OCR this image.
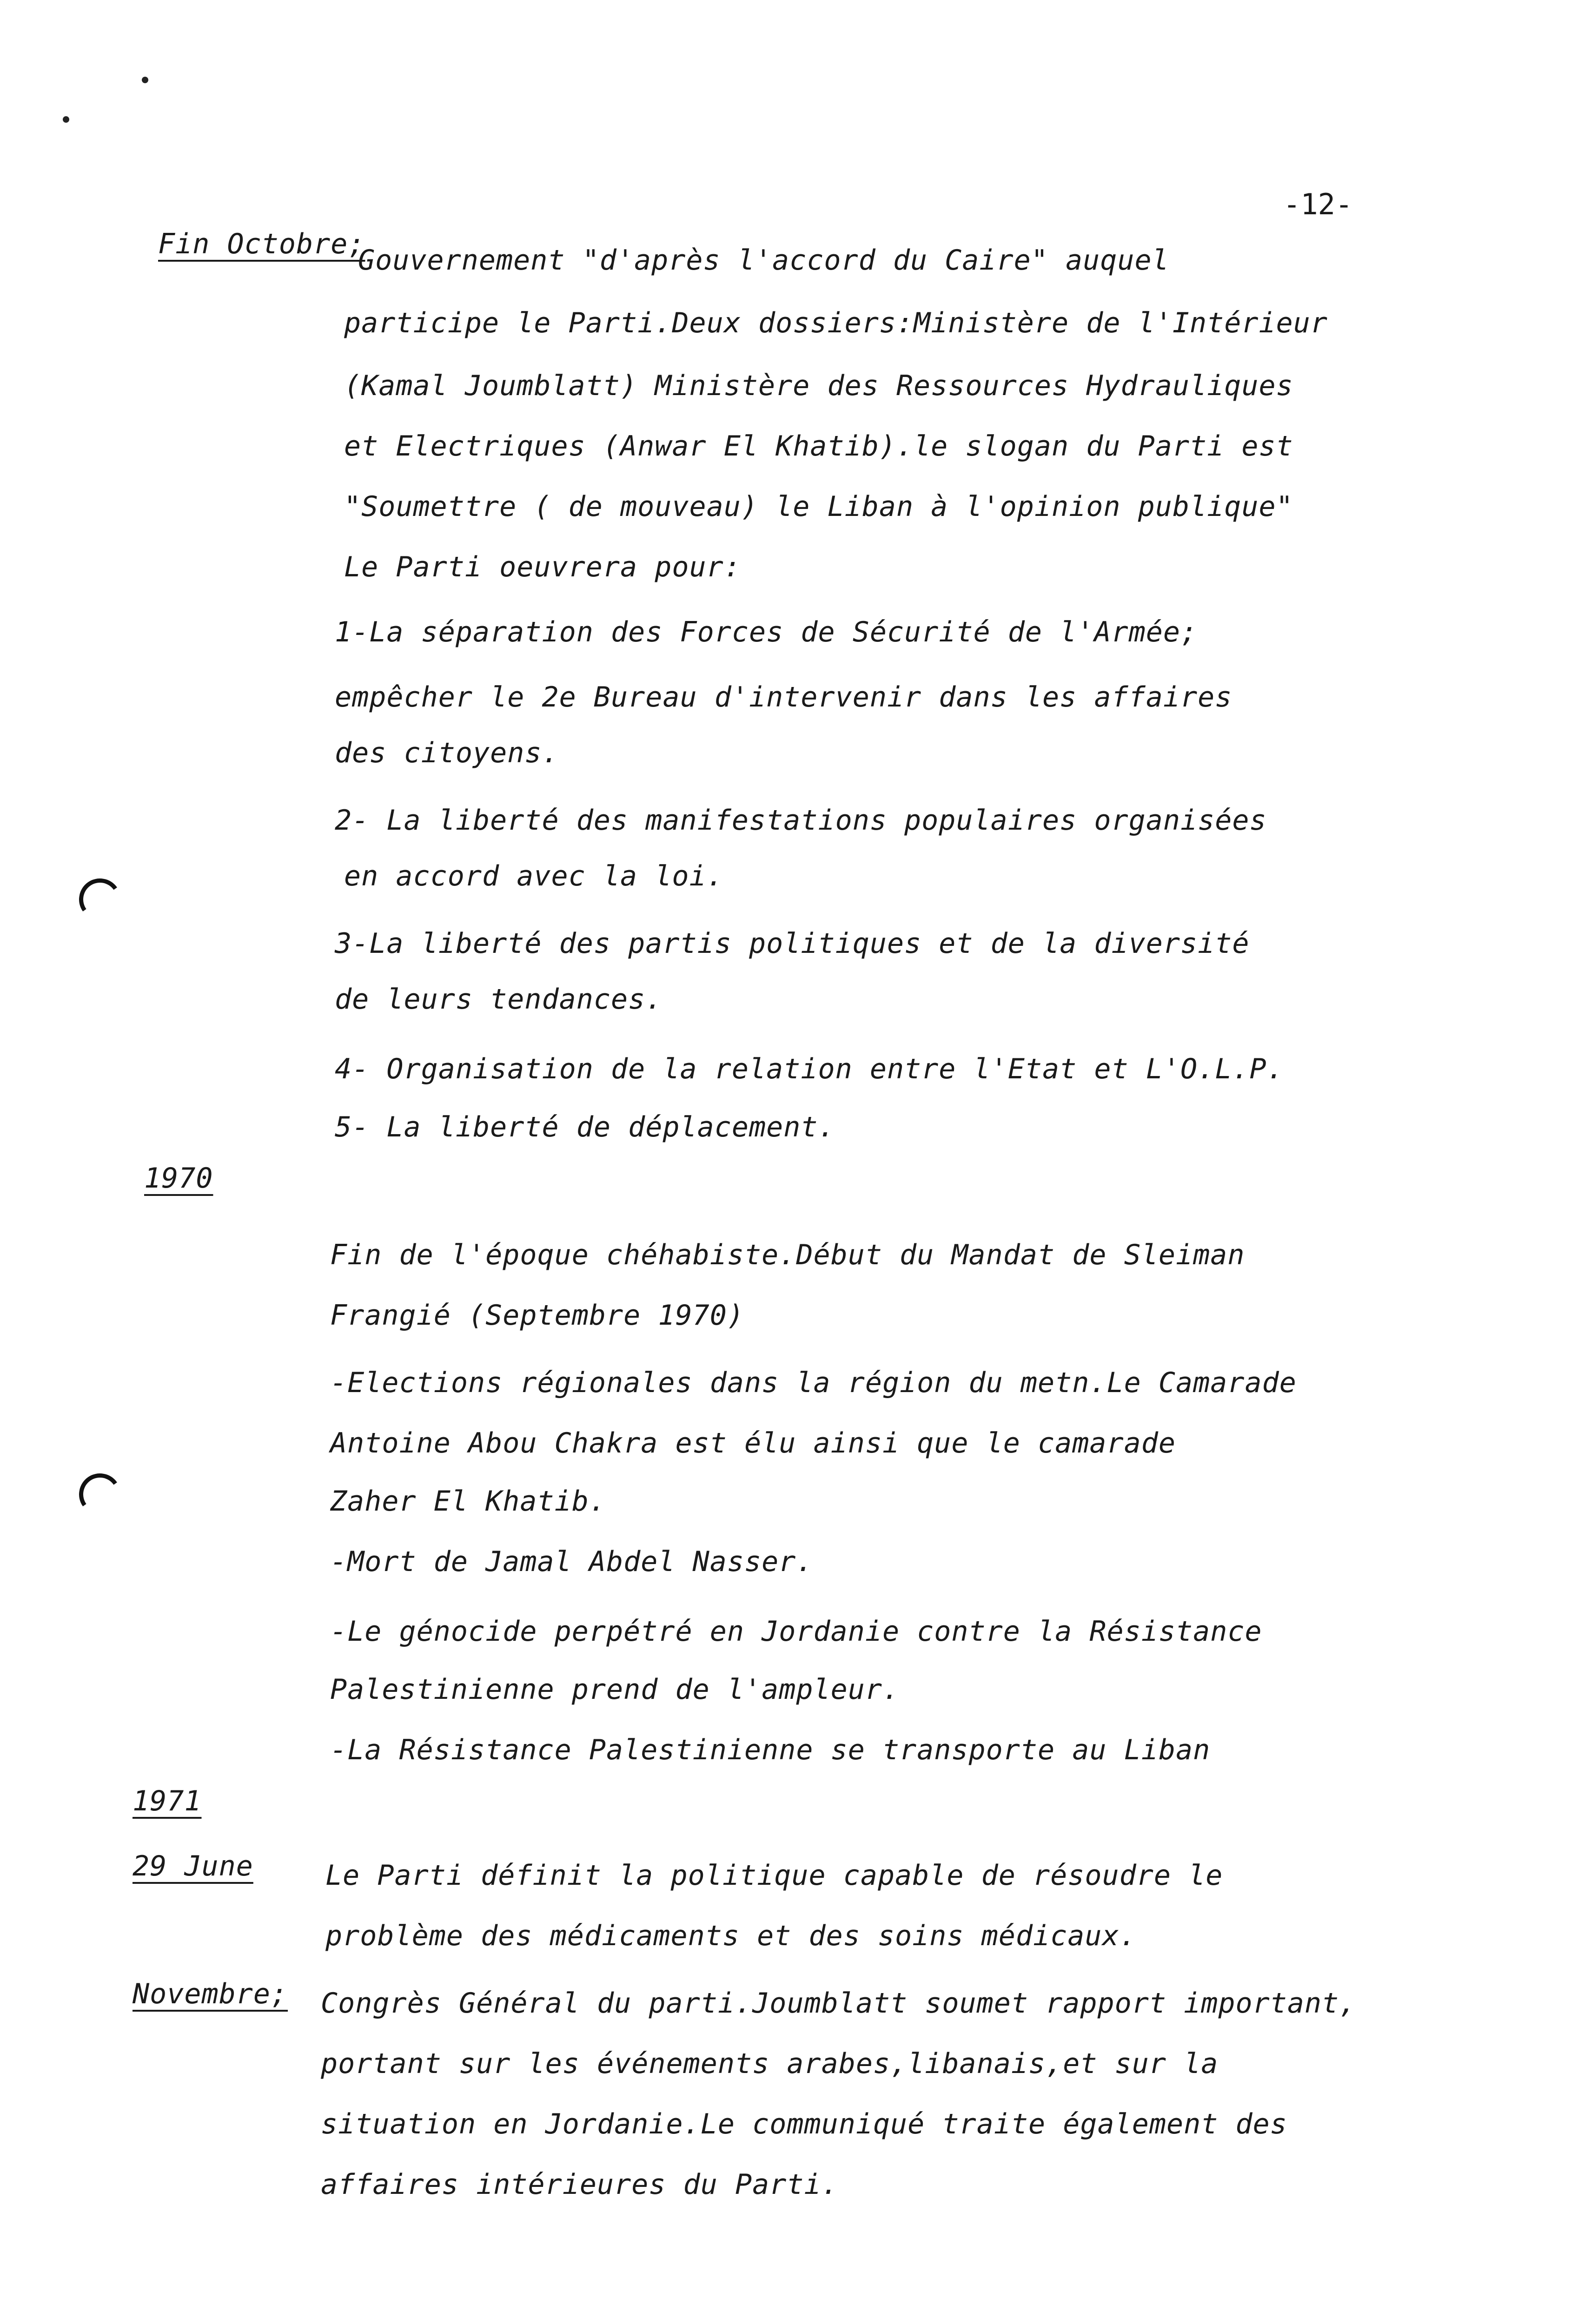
-12-
Fin Octobre;
Gouvernement "d'après l'accord du Caire" auquel
participe le Parti.Deux dossiers:Ministère de l'Intérieur
(Kamal Joumblatt) Ministère des Ressources Hydrauliques
et Electriques (Anwar El Khatib).le slogan du Parti est
"Soumettre ( de mouveau) le Liban à l'opinion publique"
Le Parti oeuvrera pour:
1-La séparation des Forces de Sécurité de l'Armée;
empêcher le 2e Bureau d'intervenir dans les affaires
des citoyens.
2- La liberté des manifestations populaires organisées
en accord avec la loi.
3-La liberté des partis politiques et de la diversité
de leurs tendances.
4- Organisation de la relation entre l'Etat et L'O.L.P.
5- La liberté de déplacement.
1970
Fin de l'époque chéhabiste.Début du Mandat de Sleiman
Frangié (Septembre 1970)
-Elections régionales dans la région du metn.Le Camarade
Antoine Abou Chakra est élu ainsi que le camarade
Zaher El Khatib.
-Mort de Jamal Abdel Nasser.
-Le génocide perpétré en Jordanie contre la Résistance
Palestinienne prend de l'ampleur.
-La Résistance Palestinienne se transporte au Liban
1971
29 June	Le Parti définit la politique capable de résoudre le
problème des médicaments et des soins médicaux.
Novembre; Congrès Général du parti.Joumblatt soumet rapport important,
portant sur les événements arabes,libanais,et sur la
situation en Jordanie.Le communiqué traite également des
affaires intérieures du Parti.
